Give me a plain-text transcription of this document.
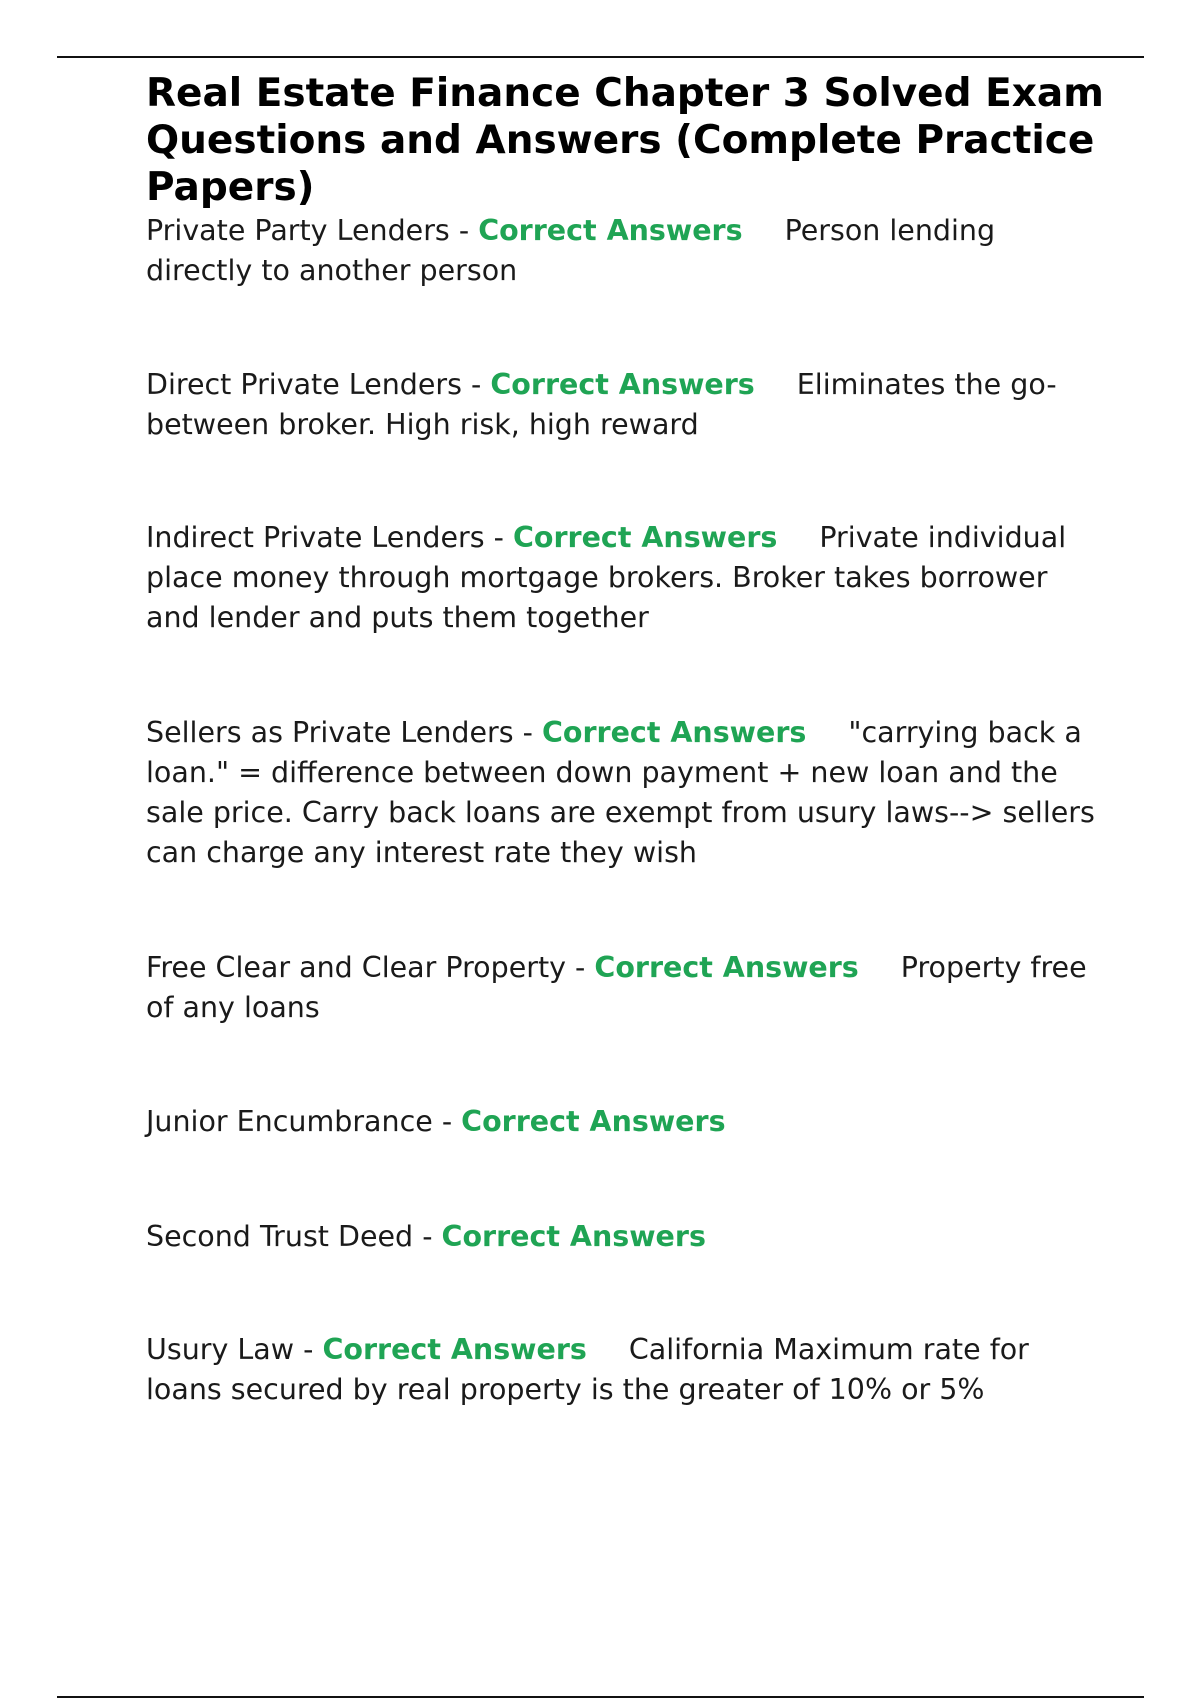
Real Estate Finance Chapter 3 Solved Exam Questions and Answers (Complete Practice Papers)

Private Party Lenders - Correct Answers Person lending directly to another person

Direct Private Lenders - Correct Answers Eliminates the go-between broker. High risk, high reward

Indirect Private Lenders - Correct Answers Private individual place money through mortgage brokers. Broker takes borrower and lender and puts them together

Sellers as Private Lenders - Correct Answers "carrying back a loan." = difference between down payment + new loan and the sale price. Carry back loans are exempt from usury laws--> sellers can charge any interest rate they wish

Free Clear and Clear Property - Correct Answers Property free of any loans

Junior Encumbrance - Correct Answers

Second Trust Deed - Correct Answers

Usury Law - Correct Answers California Maximum rate for loans secured by real property is the greater of 10% or 5%
